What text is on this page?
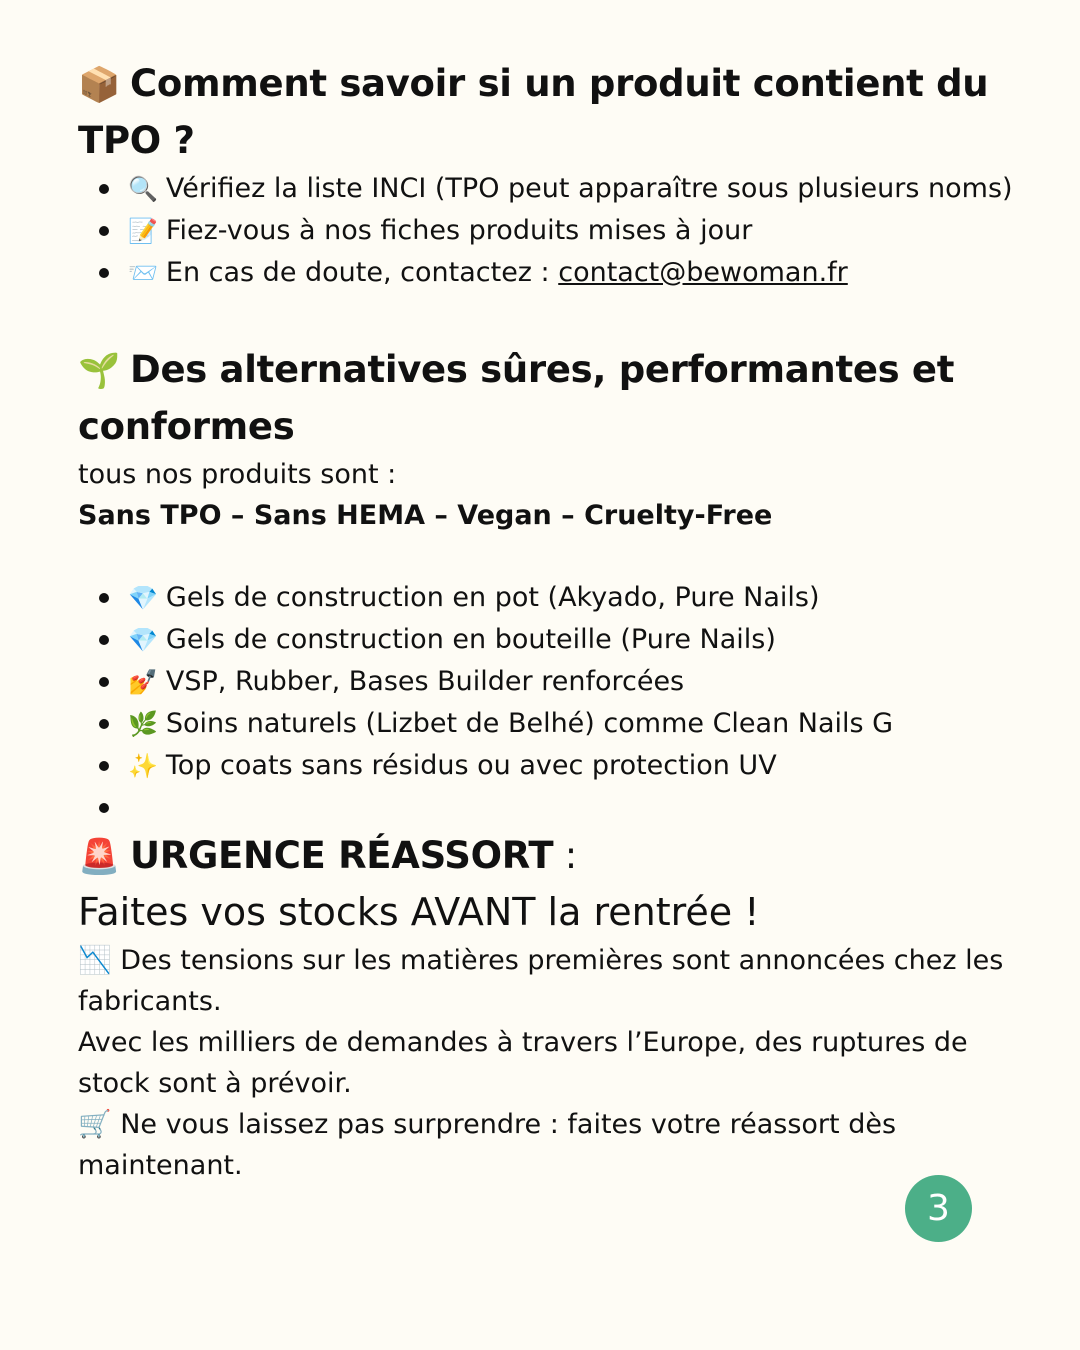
📦 Comment savoir si un produit contient du TPO ?
🔍 Vérifiez la liste INCI (TPO peut apparaître sous plusieurs noms)
📝 Fiez-vous à nos fiches produits mises à jour
📨 En cas de doute, contactez : contact@bewoman.fr
🌱 Des alternatives sûres, performantes et conformes
tous nos produits sont :
Sans TPO – Sans HEMA – Vegan – Cruelty-Free
💎 Gels de construction en pot (Akyado, Pure Nails)
💎 Gels de construction en bouteille (Pure Nails)
💅 VSP, Rubber, Bases Builder renforcées
🌿 Soins naturels (Lizbet de Belhé) comme Clean Nails G
✨ Top coats sans résidus ou avec protection UV

🚨 URGENCE RÉASSORT :
Faites vos stocks AVANT la rentrée !
📉 Des tensions sur les matières premières sont annoncées chez les fabricants.
Avec les milliers de demandes à travers l’Europe, des ruptures de stock sont à prévoir.
🛒 Ne vous laissez pas surprendre : faites votre réassort dès maintenant.
3
